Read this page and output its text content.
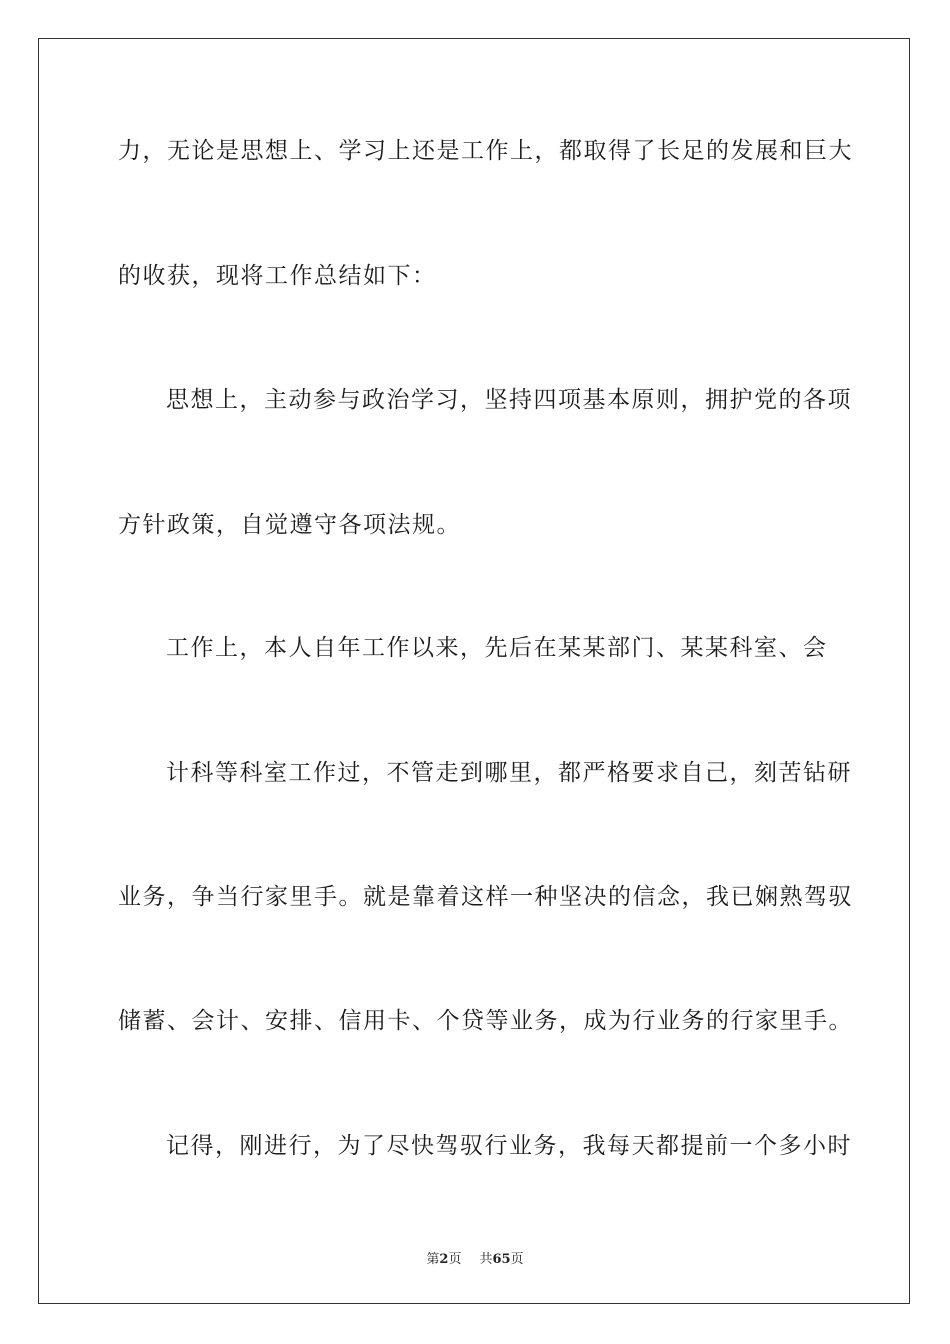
力，无论是思想上、学习上还是工作上，都取得了长足的发展和巨大
的收获，现将工作总结如下：
思想上，主动参与政治学习，坚持四项基本原则，拥护党的各项
方针政策，自觉遵守各项法规。
工作上，本人自年工作以来，先后在某某部门、某某科室、会
计科等科室工作过，不管走到哪里，都严格要求自己，刻苦钻研
业务，争当行家里手。就是靠着这样一种坚决的信念，我已娴熟驾驭
储蓄、会计、安排、信用卡、个贷等业务，成为行业务的行家里手。
记得，刚进行，为了尽快驾驭行业务，我每天都提前一个多小时
第2页 共65页
